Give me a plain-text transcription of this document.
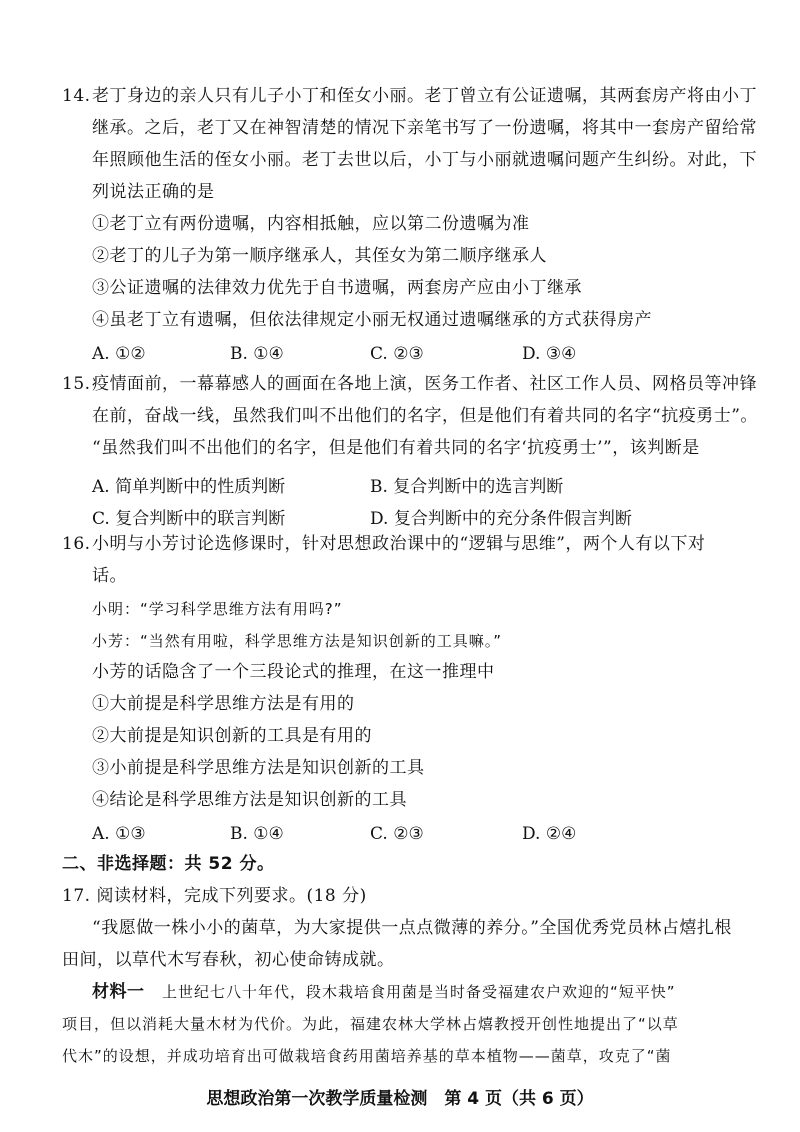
14. 老丁身边的亲人只有儿子小丁和侄女小丽。老丁曾立有公证遗嘱，其两套房产将由小丁
继承。之后，老丁又在神智清楚的情况下亲笔书写了一份遗嘱，将其中一套房产留给常
年照顾他生活的侄女小丽。老丁去世以后，小丁与小丽就遗嘱问题产生纠纷。对此，下
列说法正确的是
①老丁立有两份遗嘱，内容相抵触，应以第二份遗嘱为准
②老丁的儿子为第一顺序继承人，其侄女为第二顺序继承人
③公证遗嘱的法律效力优先于自书遗嘱，两套房产应由小丁继承
④虽老丁立有遗嘱，但依法律规定小丽无权通过遗嘱继承的方式获得房产
A. ①②	B. ①④	C. ②③	D. ③④
15. 疫情面前，一幕幕感人的画面在各地上演，医务工作者、社区工作人员、网格员等冲锋
在前，奋战一线，虽然我们叫不出他们的名字，但是他们有着共同的名字“抗疫勇士”。
“虽然我们叫不出他们的名字，但是他们有着共同的名字‘抗疫勇士’”，该判断是
A. 简单判断中的性质判断	B. 复合判断中的选言判断
C. 复合判断中的联言判断	D. 复合判断中的充分条件假言判断
16. 小明与小芳讨论选修课时，针对思想政治课中的“逻辑与思维”，两个人有以下对
话。
小明：“学习科学思维方法有用吗?”
小芳：“当然有用啦，科学思维方法是知识创新的工具嘛。”
小芳的话隐含了一个三段论式的推理，在这一推理中
①大前提是科学思维方法是有用的
②大前提是知识创新的工具是有用的
③小前提是科学思维方法是知识创新的工具
④结论是科学思维方法是知识创新的工具
A. ①③	B. ①④	C. ②③	D. ②④
二、非选择题：共 52 分。
17. 阅读材料，完成下列要求。(18 分)
“我愿做一株小小的菌草，为大家提供一点点微薄的养分。”全国优秀党员林占熺扎根
田间，以草代木写春秋，初心使命铸成就。
材料一 上世纪七八十年代，段木栽培食用菌是当时备受福建农户欢迎的“短平快”
项目，但以消耗大量木材为代价。为此，福建农林大学林占熺教授开创性地提出了“以草
代木”的设想，并成功培育出可做栽培食药用菌培养基的草本植物——菌草，攻克了“菌
思想政治第一次教学质量检测　第 4 页（共 6 页）
